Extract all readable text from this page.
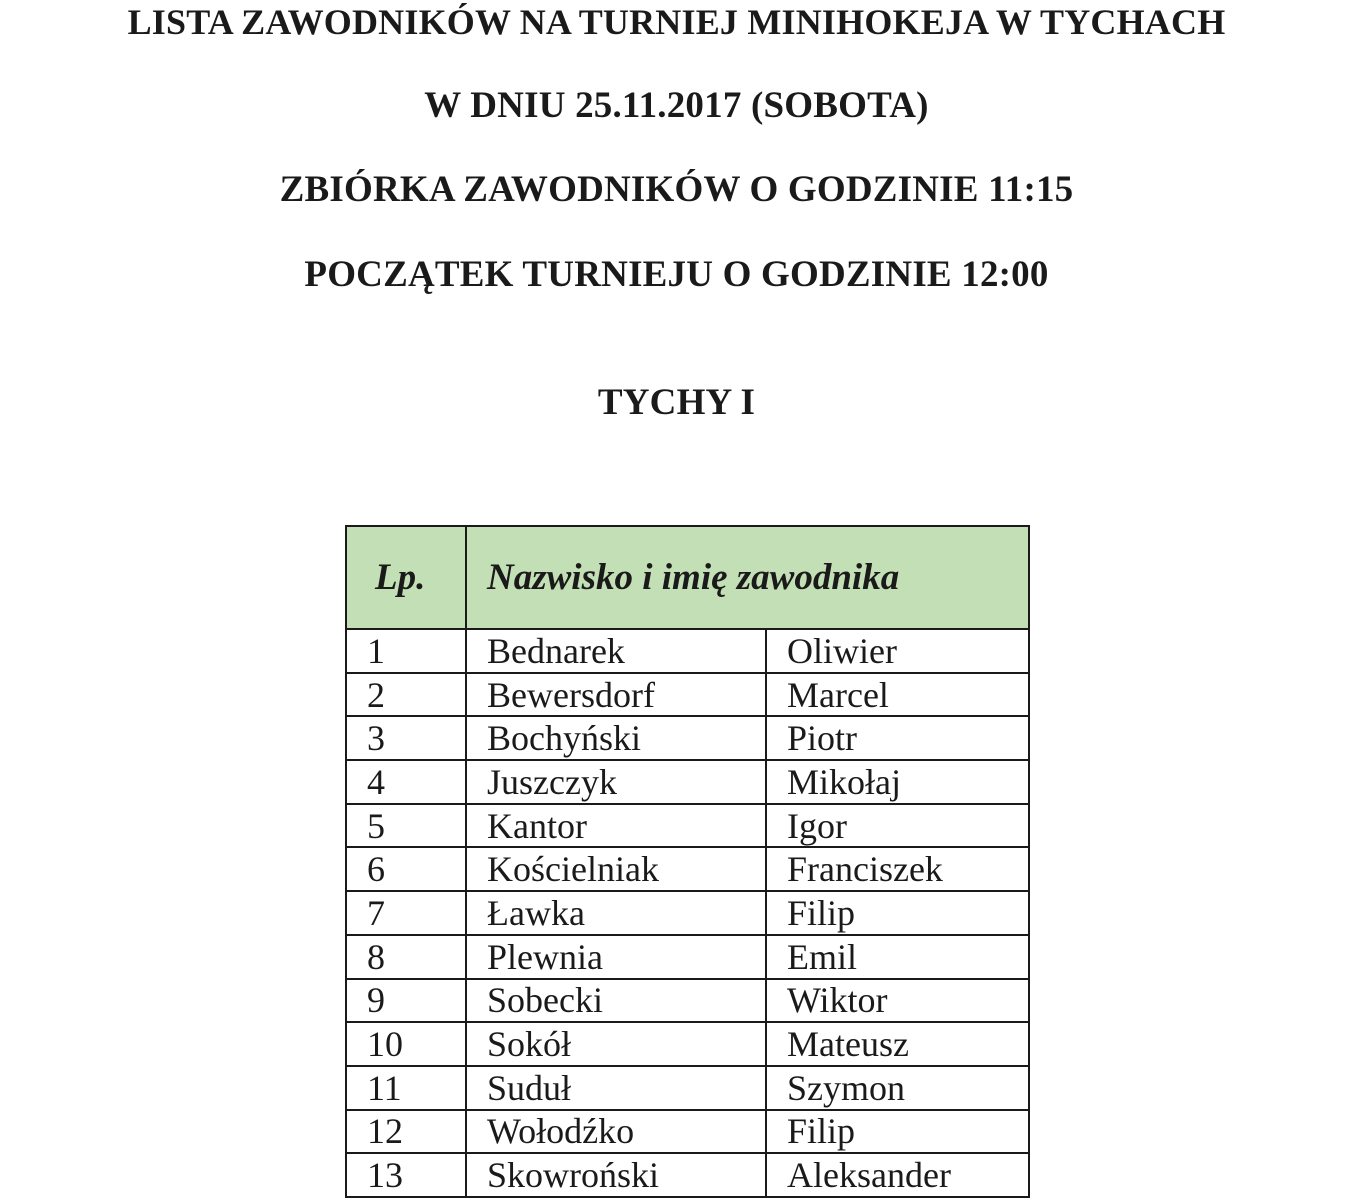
LISTA ZAWODNIKÓW NA TURNIEJ MINIHOKEJA W TYCHACH
W DNIU 25.11.2017 (SOBOTA)
ZBIÓRKA ZAWODNIKÓW O GODZINIE 11:15
POCZĄTEK TURNIEJU O GODZINIE 12:00
TYCHY I
Lp.	Nazwisko i imię zawodnika	
1	Bednarek	Oliwier
2	Bewersdorf	Marcel
3	Bochyński	Piotr
4	Juszczyk	Mikołaj
5	Kantor	Igor
6	Kościelniak	Franciszek
7	Ławka	Filip
8	Plewnia	Emil
9	Sobecki	Wiktor
10	Sokół	Mateusz
11	Suduł	Szymon
12	Wołodźko	Filip
13	Skowroński	Aleksander
